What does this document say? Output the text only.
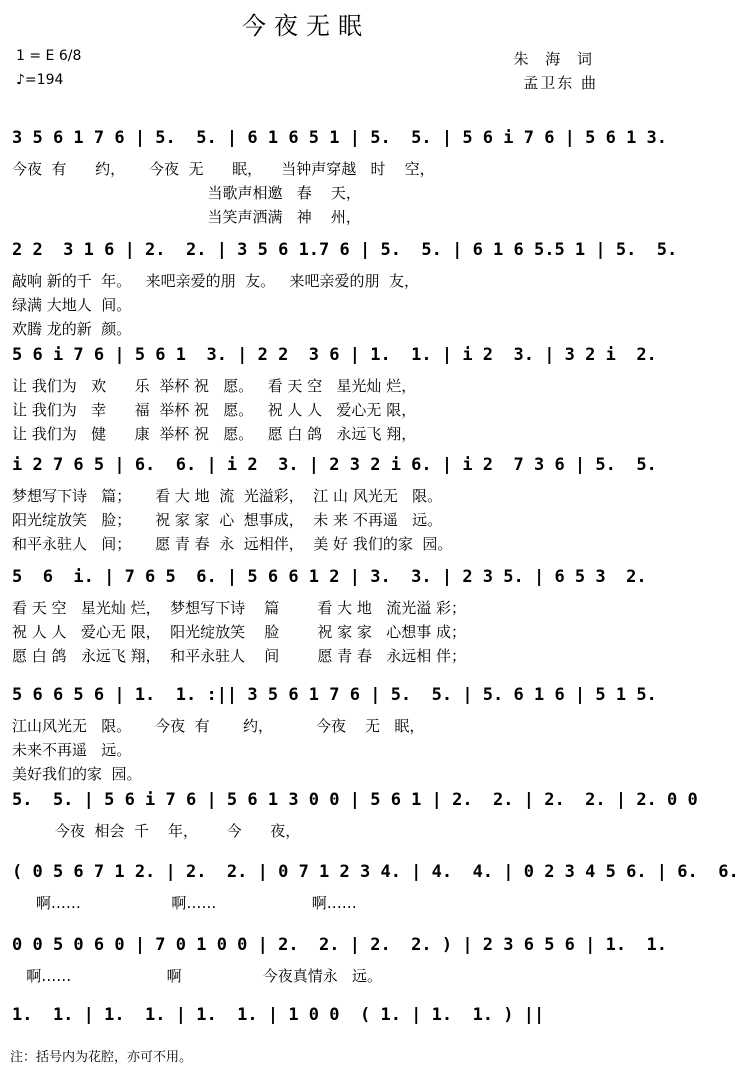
今夜无眠
1 = E 6/8
♪=194
朱 海 词
孟卫东 曲
3 5 6 1 7 6 | 5.  5. | 6 1 6 5 1 | 5.  5. | 5 6 i 7 6 | 5 6 1 3.
今夜  有      约，     今夜  无      眠，    当钟声穿越   时    空，
当歌声相邀   春    天，
当笑声洒满   神    州，
2 2  3 1 6 | 2.  2. | 3 5 6 1.7 6 | 5.  5. | 6 1 6 5.5 1 | 5.  5.
敲响 新的千  年。   来吧亲爱的朋  友。   来吧亲爱的朋  友，
绿满 大地人  间。
欢腾 龙的新  颜。
5 6 i 7 6 | 5 6 1  3. | 2 2  3 6 | 1.  1. | i 2  3. | 3 2 i  2.
让 我们为   欢      乐  举杯 祝   愿。   看 天 空   星光灿 烂，
让 我们为   幸      福  举杯 祝   愿。   祝 人 人   爱心无 限，
让 我们为   健      康  举杯 祝   愿。   愿 白 鸽   永远飞 翔，
i 2 7 6 5 | 6.  6. | i 2  3. | 2 3 2 i 6. | i 2  7 3 6 | 5.  5.
梦想写下诗   篇；     看 大 地  流  光溢彩，  江 山 风光无   限。
阳光绽放笑   脸；     祝 家 家  心  想事成，  未 来 不再遥   远。
和平永驻人   间；     愿 青 春  永  远相伴，  美 好 我们的家  园。
5  6  i. | 7 6 5  6. | 5 6 6 1 2 | 3.  3. | 2 3 5. | 6 5 3  2.
看 天 空   星光灿 烂，  梦想写下诗    篇        看 大 地   流光溢 彩；
祝 人 人   爱心无 限，  阳光绽放笑    脸        祝 家 家   心想事 成；
愿 白 鸽   永远飞 翔，  和平永驻人    间        愿 青 春   永远相 伴；
5 6 6 5 6 | 1.  1. :|| 3 5 6 1 7 6 | 5.  5. | 5. 6 1 6 | 5 1 5.
江山风光无   限。     今夜  有       约，         今夜    无   眠，
未来不再遥   远。
美好我们的家  园。
5.  5. | 5 6 i 7 6 | 5 6 1 3 0 0 | 5 6 1 | 2.  2. | 2.  2. | 2. 0 0
今夜  相会  千    年，      今      夜，
( 0 5 6 7 1 2. | 2.  2. | 0 7 1 2 3 4. | 4.  4. | 0 2 3 4 5 6. | 6.  6.
啊……                   啊……                    啊……
0 0 5 0 6 0 | 7 0 1 0 0 | 2.  2. | 2.  2. ) | 2 3 6 5 6 | 1.  1.
啊……                    啊                 今夜真情永   远。
1.  1. | 1.  1. | 1.  1. | 1 0 0  ( 1. | 1.  1. ) ||
注：括号内为花腔，亦可不用。
